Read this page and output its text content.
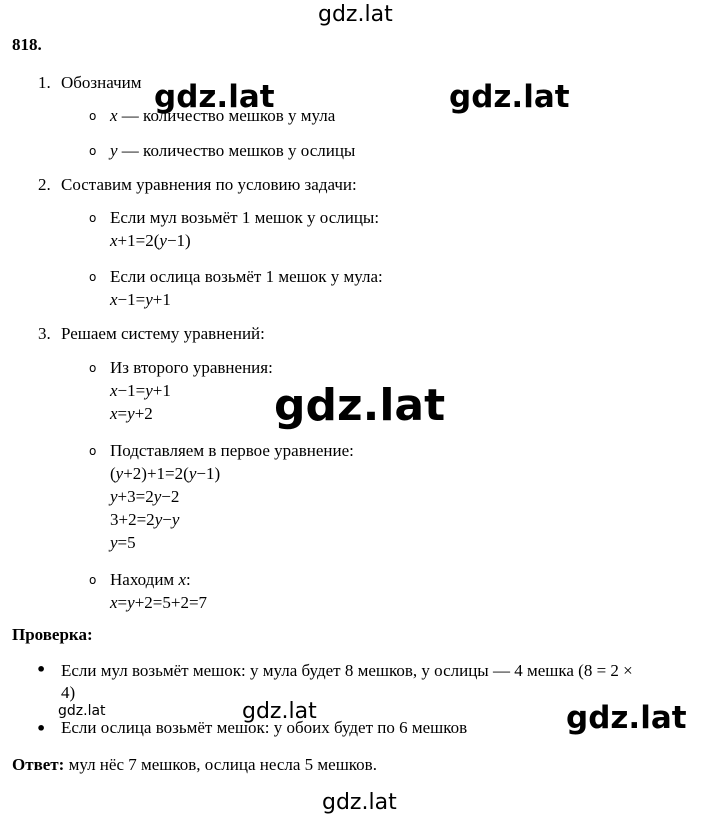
gdz.lat
gdz.lat	gdz.lat
818.
1. Обозначим
o x — количество мешков у мула
o y — количество мешков у ослицы
2. Составим уравнения по условию задачи:
o Если мул возьмёт 1 мешок у ослицы:
x+1=2(y−1)
o Если ослица возьмёт 1 мешок у мула:
x−1=y+1
3. Решаем систему уравнений:
o Из второго уравнения:
x−1=y+1
x=y+2	gdz.lat
o Подставляем в первое уравнение:
(y+2)+1=2(y−1)
y+3=2y−2
3+2=2y−y
y=5
o Находим x:
x=y+2=5+2=7
Проверка:
• Если мул возьмёт мешок: у мула будет 8 мешков, у ослицы — 4 мешка (8 = 2 ×
4)
gdz.lat	gdz.lat	gdz.lat
• Если ослица возьмёт мешок: у обоих будет по 6 мешков
Ответ: мул нёс 7 мешков, ослица несла 5 мешков.
gdz.lat
